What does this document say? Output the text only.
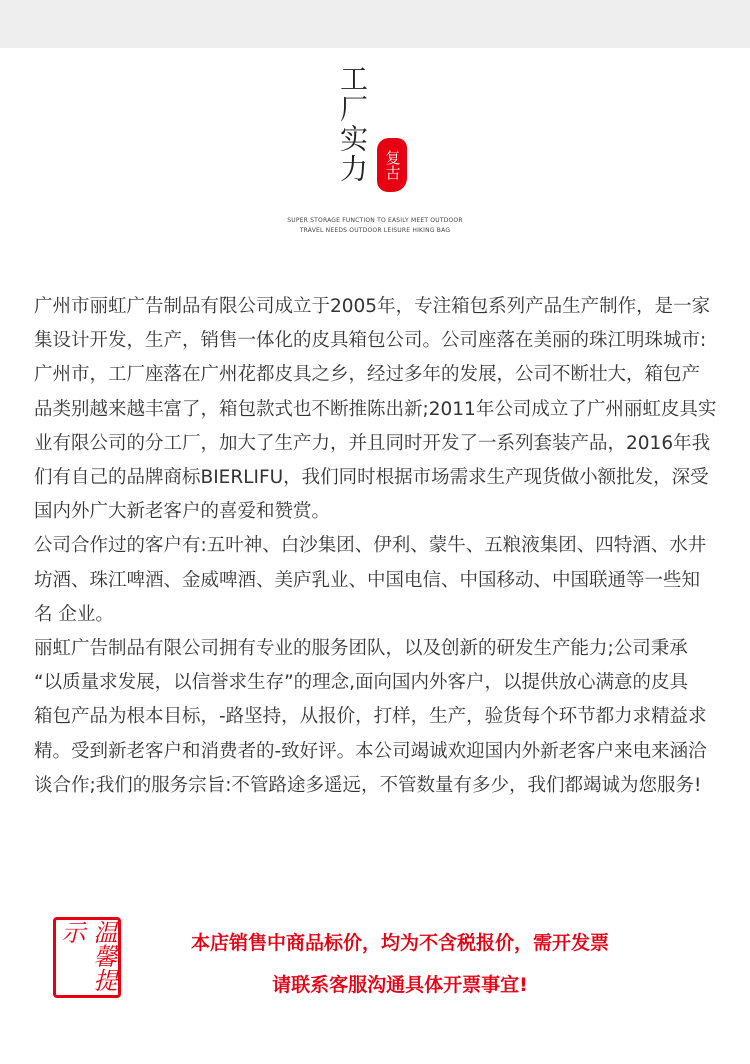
工厂实力 复古
SUPER STORAGE FUNCTION TO EASILY MEET OUTDOOR
TRAVEL NEEDS OUTDOOR LEISURE HIKING BAG
广州市丽虹广告制品有限公司成立于2005年，专注箱包系列产品生产制作，是一家
集设计开发，生产，销售一体化的皮具箱包公司。公司座落在美丽的珠江明珠城市:
广州市，工厂座落在广州花都皮具之乡，经过多年的发展，公司不断壮大，箱包产
品类别越来越丰富了，箱包款式也不断推陈出新;2011年公司成立了广州丽虹皮具实
业有限公司的分工厂，加大了生产力，并且同时开发了一系列套装产品，2016年我
们有自己的品牌商标BIERLIFU，我们同时根据市场需求生产现货做小额批发，深受
国内外广大新老客户的喜爱和赞赏。
公司合作过的客户有:五叶神、白沙集团、伊利、蒙牛、五粮液集团、四特酒、水井
坊酒、珠江啤酒、金威啤酒、美庐乳业、中国电信、中国移动、中国联通等一些知
名 企业。
丽虹广告制品有限公司拥有专业的服务团队，以及创新的研发生产能力;公司秉承
“以质量求发展，以信誉求生存”的理念,面向国内外客户，以提供放心满意的皮具
箱包产品为根本目标，-路坚持，从报价，打样，生产，验货每个环节都力求精益求
精。受到新老客户和消费者的-致好评。本公司竭诚欢迎国内外新老客户来电来涵洽
谈合作;我们的服务宗旨:不管路途多遥远，不管数量有多少，我们都竭诚为您服务!
温馨提示	本店销售中商品标价，均为不含税报价，需开发票
请联系客服沟通具体开票事宜!
